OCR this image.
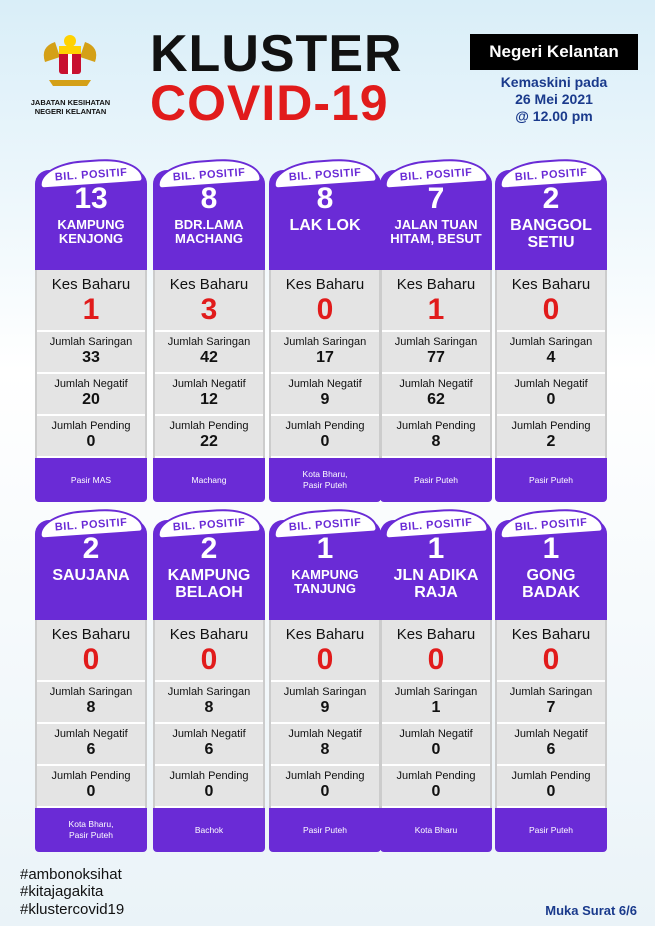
JABATAN KESIHATAN
NEGERI KELANTAN
KLUSTER
COVID-19
Negeri Kelantan
Kemaskini pada
26 Mei 2021
@ 12.00 pm
BIL. POSITIF
13
KAMPUNG
KENJONG
Kes Baharu
1
Jumlah Saringan
33
Jumlah Negatif
20
Jumlah Pending
0
Pasir MAS
BIL. POSITIF
8
BDR.LAMA
MACHANG
Kes Baharu
3
Jumlah Saringan
42
Jumlah Negatif
12
Jumlah Pending
22
Machang
BIL. POSITIF
8
LAK LOK
Kes Baharu
0
Jumlah Saringan
17
Jumlah Negatif
9
Jumlah Pending
0
Kota Bharu,
Pasir Puteh
BIL. POSITIF
7
JALAN TUAN
HITAM, BESUT
Kes Baharu
1
Jumlah Saringan
77
Jumlah Negatif
62
Jumlah Pending
8
Pasir Puteh
BIL. POSITIF
2
BANGGOL
SETIU
Kes Baharu
0
Jumlah Saringan
4
Jumlah Negatif
0
Jumlah Pending
2
Pasir Puteh
BIL. POSITIF
2
SAUJANA
Kes Baharu
0
Jumlah Saringan
8
Jumlah Negatif
6
Jumlah Pending
0
Kota Bharu,
Pasir Puteh
BIL. POSITIF
2
KAMPUNG
BELAOH
Kes Baharu
0
Jumlah Saringan
8
Jumlah Negatif
6
Jumlah Pending
0
Bachok
BIL. POSITIF
1
KAMPUNG
TANJUNG
Kes Baharu
0
Jumlah Saringan
9
Jumlah Negatif
8
Jumlah Pending
0
Pasir Puteh
BIL. POSITIF
1
JLN ADIKA
RAJA
Kes Baharu
0
Jumlah Saringan
1
Jumlah Negatif
0
Jumlah Pending
0
Kota Bharu
BIL. POSITIF
1
GONG
BADAK
Kes Baharu
0
Jumlah Saringan
7
Jumlah Negatif
6
Jumlah Pending
0
Pasir Puteh
#ambonoksihat
#kitajagakita
#klustercovid19	Muka Surat 6/6
